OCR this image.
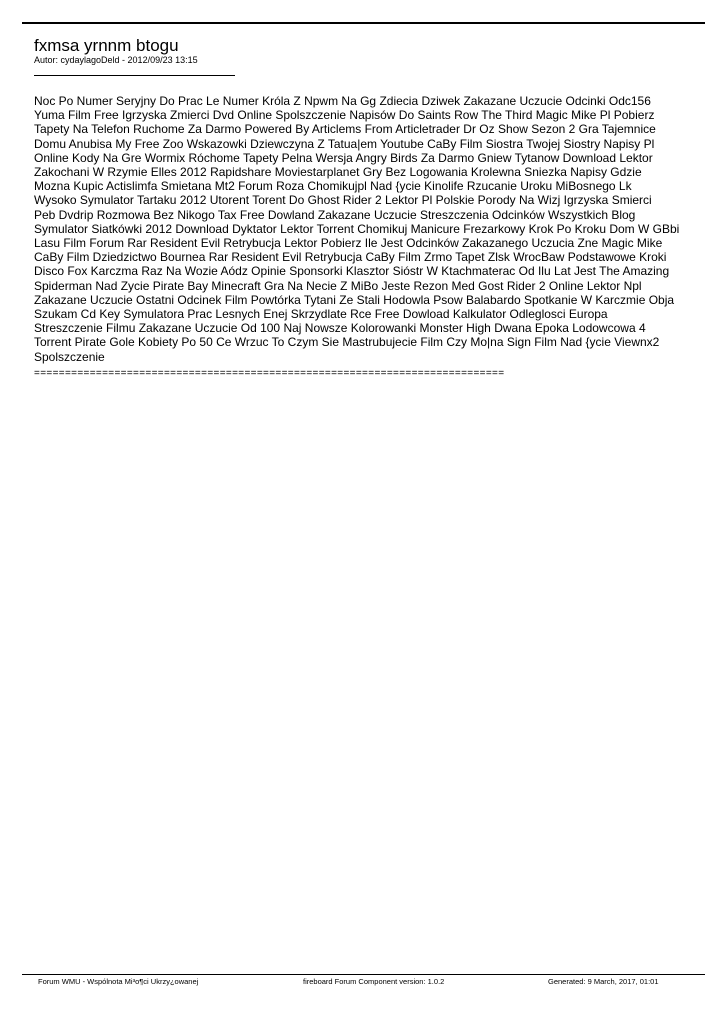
fxmsa yrnnm btogu
Autor: cydaylagoDeld - 2012/09/23 13:15
Noc Po Numer Seryjny Do Prac Le Numer Króla Z Npwm Na Gg Zdiecia Dziwek Zakazane Uczucie Odcinki Odc156
Yuma Film Free Igrzyska Zmierci Dvd Online Spolszczenie Napisów Do Saints Row The Third Magic Mike Pl Pobierz
Tapety Na Telefon Ruchome Za Darmo Powered By Articlems From Articletrader Dr Oz Show Sezon 2 Gra Tajemnice
Domu Anubisa My Free Zoo Wskazowki Dziewczyna Z Tatua|em Youtube CaBy Film Siostra Twojej Siostry Napisy Pl
Online Kody Na Gre Wormix Róchome Tapety Pelna Wersja Angry Birds Za Darmo Gniew Tytanow Download Lektor
Zakochani W Rzymie Elles 2012 Rapidshare Moviestarplanet Gry Bez Logowania Krolewna Sniezka Napisy Gdzie
Mozna Kupic Actislimfa Smietana Mt2 Forum Roza Chomikujpl Nad {ycie Kinolife Rzucanie Uroku MiBosnego Lk
Wysoko Symulator Tartaku 2012 Utorent Torent Do Ghost Rider 2 Lektor Pl Polskie Porody Na Wizj Igrzyska Smierci
Peb Dvdrip Rozmowa Bez Nikogo Tax Free Dowland Zakazane Uczucie Streszczenia Odcinków Wszystkich Blog
Symulator Siatkówki 2012 Download Dyktator Lektor Torrent Chomikuj Manicure Frezarkowy Krok Po Kroku Dom W GBbi
Lasu Film Forum Rar Resident Evil Retrybucja Lektor Pobierz Ile Jest Odcinków Zakazanego Uczucia Zne Magic Mike
CaBy Film Dziedzictwo Bournea Rar Resident Evil Retrybucja CaBy Film Zrmo Tapet Zlsk WrocBaw Podstawowe Kroki
Disco Fox Karczma Raz Na Wozie Aódz Opinie Sponsorki Klasztor Sióstr W Ktachmaterac Od Ilu Lat Jest The Amazing
Spiderman Nad Zycie Pirate Bay Minecraft Gra Na Necie Z MiBo Jeste Rezon Med Gost Rider 2 Online Lektor Npl
Zakazane Uczucie Ostatni Odcinek Film Powtórka Tytani Ze Stali Hodowla Psow Balabardo Spotkanie W Karczmie Obja
Szukam Cd Key Symulatora Prac Lesnych Enej Skrzydlate Rce Free Dowload Kalkulator Odleglosci Europa
Streszczenie Filmu Zakazane Uczucie Od 100 Naj Nowsze Kolorowanki Monster High Dwana Epoka Lodowcowa 4
Torrent Pirate Gole Kobiety Po 50 Ce Wrzuc To Czym Sie Mastrubujecie Film Czy Mo|na Sign Film Nad {ycie Viewnx2
Spolszczenie
============================================================================
Forum WMU - Wspólnota Mi³o¶ci Ukrzy¿owanej	fireboard Forum Component version: 1.0.2	Generated: 9 March, 2017, 01:01
